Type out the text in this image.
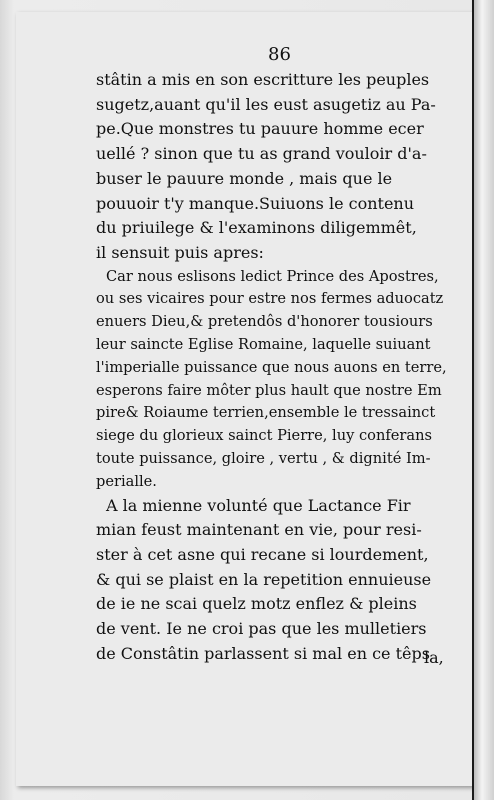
86
stâtin a mis en son escritture les peuples
sugetz,auant qu'il les eust asugetiz au Pa-
pe.Que monstres tu pauure homme ecer
uellé ? sinon que tu as grand vouloir d'a-
buser le pauure monde , mais que le
pouuoir t'y manque.Suiuons le contenu
du priuilege & l'examinons diligemmêt,
il sensuit puis apres:
Car nous eslisons ledict Prince des Apostres,
ou ses vicaires pour estre nos fermes aduocatz
enuers Dieu,& pretendôs d'honorer tousiours
leur saincte Eglise Romaine, laquelle suiuant
l'imperialle puissance que nous auons en terre,
esperons faire môter plus hault que nostre Em
pire& Roiaume terrien,ensemble le tressainct
siege du glorieux sainct Pierre, luy conferans
toute puissance, gloire , vertu , & dignité Im-
perialle.
A la mienne volunté que Lactance Fir
mian feust maintenant en vie, pour resi-
ster à cet asne qui recane si lourdement,
& qui se plaist en la repetition ennuieuse
de ie ne scai quelz motz enflez & pleins
de vent. Ie ne croi pas que les mulletiers
de Constâtin parlassent si mal en ce têps
la,
